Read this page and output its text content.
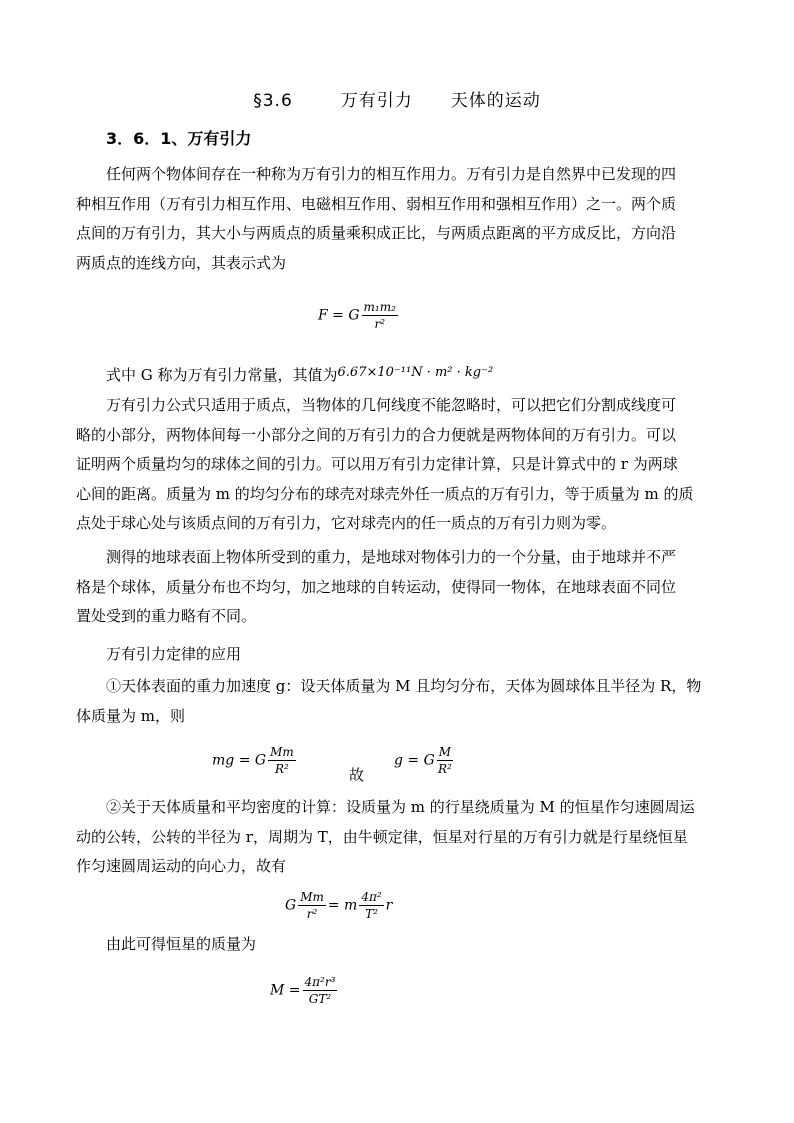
§3.6	万有引力 天体的运动
3．6．1、万有引力
任何两个物体间存在一种称为万有引力的相互作用力。万有引力是自然界中已发现的四
种相互作用（万有引力相互作用、电磁相互作用、弱相互作用和强相互作用）之一。两个质
点间的万有引力，其大小与两质点的质量乘积成正比，与两质点距离的平方成反比，方向沿
两质点的连线方向，其表示式为
F = G $\frac{\text{m₁m₂}}{\text{r²}}$
式中 G 称为万有引力常量，其值为6.67×10⁻¹¹N · m² · kg⁻²
万有引力公式只适用于质点，当物体的几何线度不能忽略时，可以把它们分割成线度可
略的小部分，两物体间每一小部分之间的万有引力的合力便就是两物体间的万有引力。可以
证明两个质量均匀的球体之间的引力。可以用万有引力定律计算，只是计算式中的 r 为两球
心间的距离。质量为 m 的均匀分布的球壳对球壳外任一质点的万有引力，等于质量为 m 的质
点处于球心处与该质点间的万有引力，它对球壳内的任一质点的万有引力则为零。
测得的地球表面上物体所受到的重力，是地球对物体引力的一个分量，由于地球并不严
格是个球体，质量分布也不均匀，加之地球的自转运动，使得同一物体，在地球表面不同位
置处受到的重力略有不同。
万有引力定律的应用
①天体表面的重力加速度 g：设天体质量为 M 且均匀分布，天体为圆球体且半径为 R，物
体质量为 m，则
mg = G $\frac{Mm}{\text{R²}}$	故
g = G $\frac{M}{\text{R²}}$
②关于天体质量和平均密度的计算：设质量为 m 的行星绕质量为 M 的恒星作匀速圆周运
动的公转，公转的半径为 r，周期为 T，由牛顿定律，恒星对行星的万有引力就是行星绕恒星
作匀速圆周运动的向心力，故有
G $\frac{Mm}{\text{r²}} = m \frac{\text{4π²}}{\text{T²}}$ r
由此可得恒星的质量为
$M = \frac{\text{4π²r³}}{\text{GT²}}$
